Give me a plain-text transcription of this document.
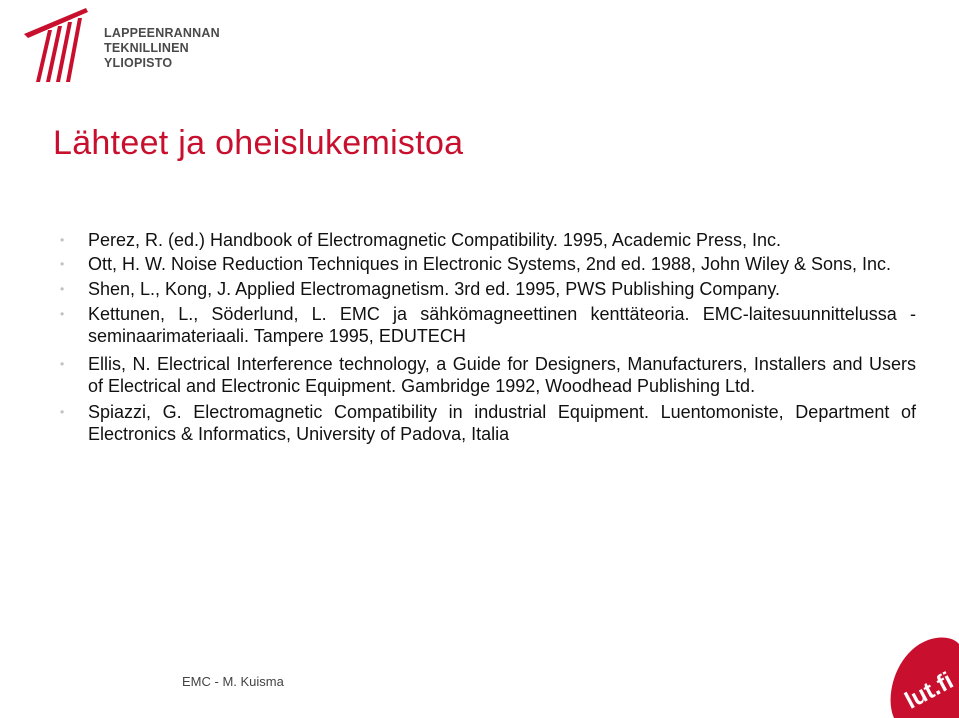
LAPPEENRANNAN
TEKNILLINEN YLIOPISTO
Lähteet ja oheislukemistoa
• Perez, R. (ed.) Handbook of Electromagnetic Compatibility. 1995, Academic Press, Inc.
• Ott, H. W. Noise Reduction Techniques in Electronic Systems, 2nd ed. 1988, John Wiley & Sons, Inc.
• Shen, L., Kong, J. Applied Electromagnetism. 3rd ed. 1995, PWS Publishing Company.
• Kettunen, L., Söderlund, L. EMC ja sähkömagneettinen kenttäteoria. EMC-laitesuunnittelussa -seminaarimateriaali. Tampere 1995, EDUTECH
• Ellis, N. Electrical Interference technology, a Guide for Designers, Manufacturers, Installers and Users of Electrical and Electronic Equipment. Gambridge 1992, Woodhead Publishing Ltd.
• Spiazzi, G. Electromagnetic Compatibility in industrial Equipment. Luentomoniste, Department of Electronics & Informatics, University of Padova, Italia
EMC - M. Kuisma	lut.fi
